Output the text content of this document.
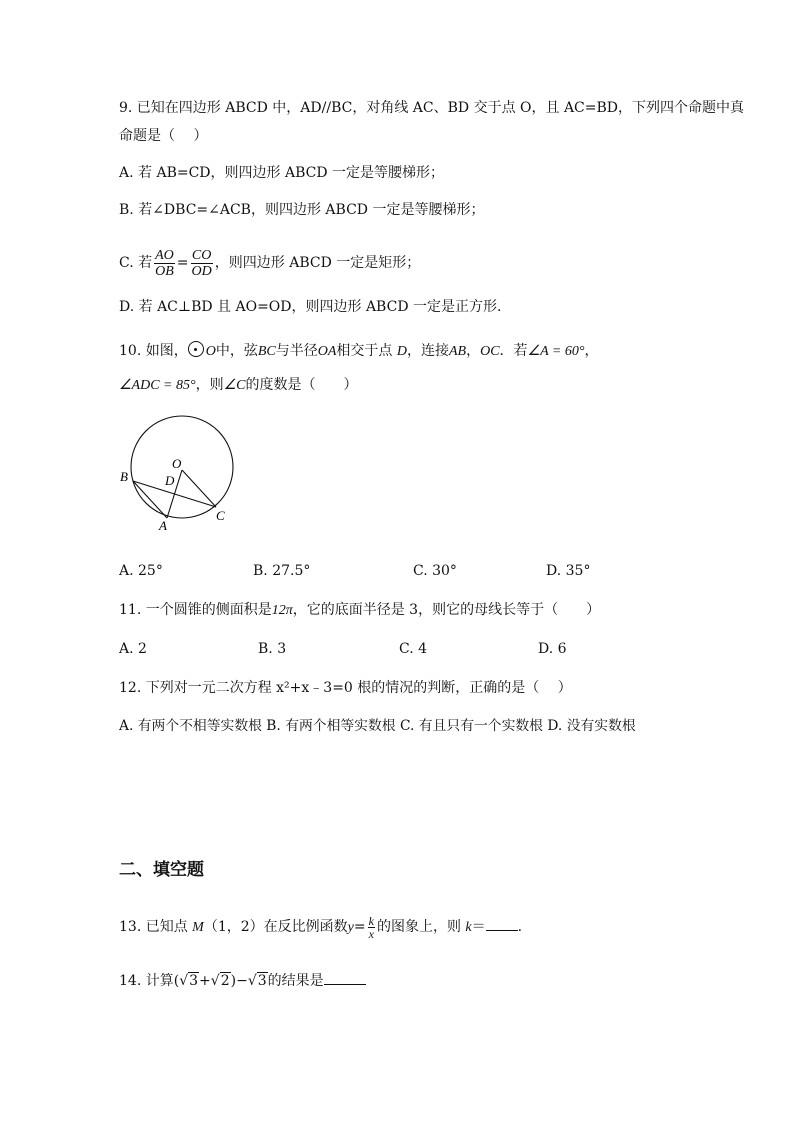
9. 已知在四边形 ABCD 中，AD//BC，对角线 AC、BD 交于点 O，且 AC=BD，下列四个命题中真
命题是（　 ）
A. 若 AB=CD，则四边形 ABCD 一定是等腰梯形；
B. 若∠DBC=∠ACB，则四边形 ABCD 一定是等腰梯形；
C. 若 $\frac{AO}{OB} = \frac{CO}{OD}$ ，则四边形 ABCD 一定是矩形；
D. 若 AC⊥BD 且 AO=OD，则四边形 ABCD 一定是正方形.
10. 如图， O中，弦BC与半径OA相交于点 D，连接AB，OC．若∠A = 60°，
∠ADC = 85°，则∠C的度数是（　　）
O
B	D
A
C
A. 25°	B. 27.5°	C. 30°	D. 35°
11. 一个圆锥的侧面积是12π，它的底面半径是 3，则它的母线长等于（　　）
A. 2	B. 3	C. 4	D. 6
12. 下列对一元二次方程 x²+x﹣3=0 根的情况的判断，正确的是（　 ）
A. 有两个不相等实数根 B. 有两个相等实数根 C. 有且只有一个实数根 D. 没有实数根
二、填空题
13. 已知点 M（1，2）在反比例函数$y= \frac{k}{x}$ 的图象上，则 k＝ .
14. 计算(√3+√2)−√3的结果是
